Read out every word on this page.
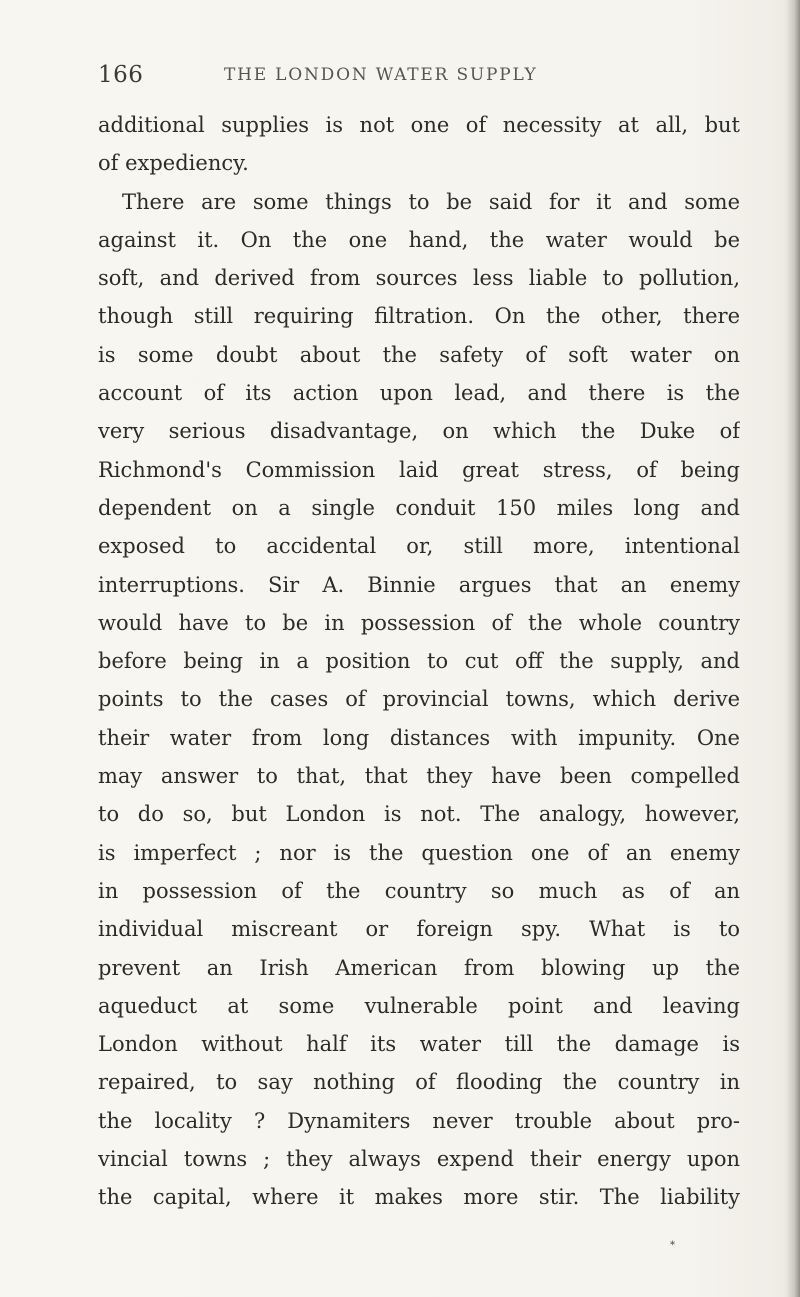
166	THE LONDON WATER SUPPLY
additional supplies is not one of necessity at all, but
of expediency.
There are some things to be said for it and some
against it. On the one hand, the water would be
soft, and derived from sources less liable to pollution,
though still requiring filtration. On the other, there
is some doubt about the safety of soft water on
account of its action upon lead, and there is the
very serious disadvantage, on which the Duke of
Richmond's Commission laid great stress, of being
dependent on a single conduit 150 miles long and
exposed to accidental or, still more, intentional
interruptions. Sir A. Binnie argues that an enemy
would have to be in possession of the whole country
before being in a position to cut off the supply, and
points to the cases of provincial towns, which derive
their water from long distances with impunity. One
may answer to that, that they have been compelled
to do so, but London is not. The analogy, however,
is imperfect ; nor is the question one of an enemy
in possession of the country so much as of an
individual miscreant or foreign spy. What is to
prevent an Irish American from blowing up the
aqueduct at some vulnerable point and leaving
London without half its water till the damage is
repaired, to say nothing of flooding the country in
the locality ? Dynamiters never trouble about pro-
vincial towns ; they always expend their energy upon
the capital, where it makes more stir. The liability
*
